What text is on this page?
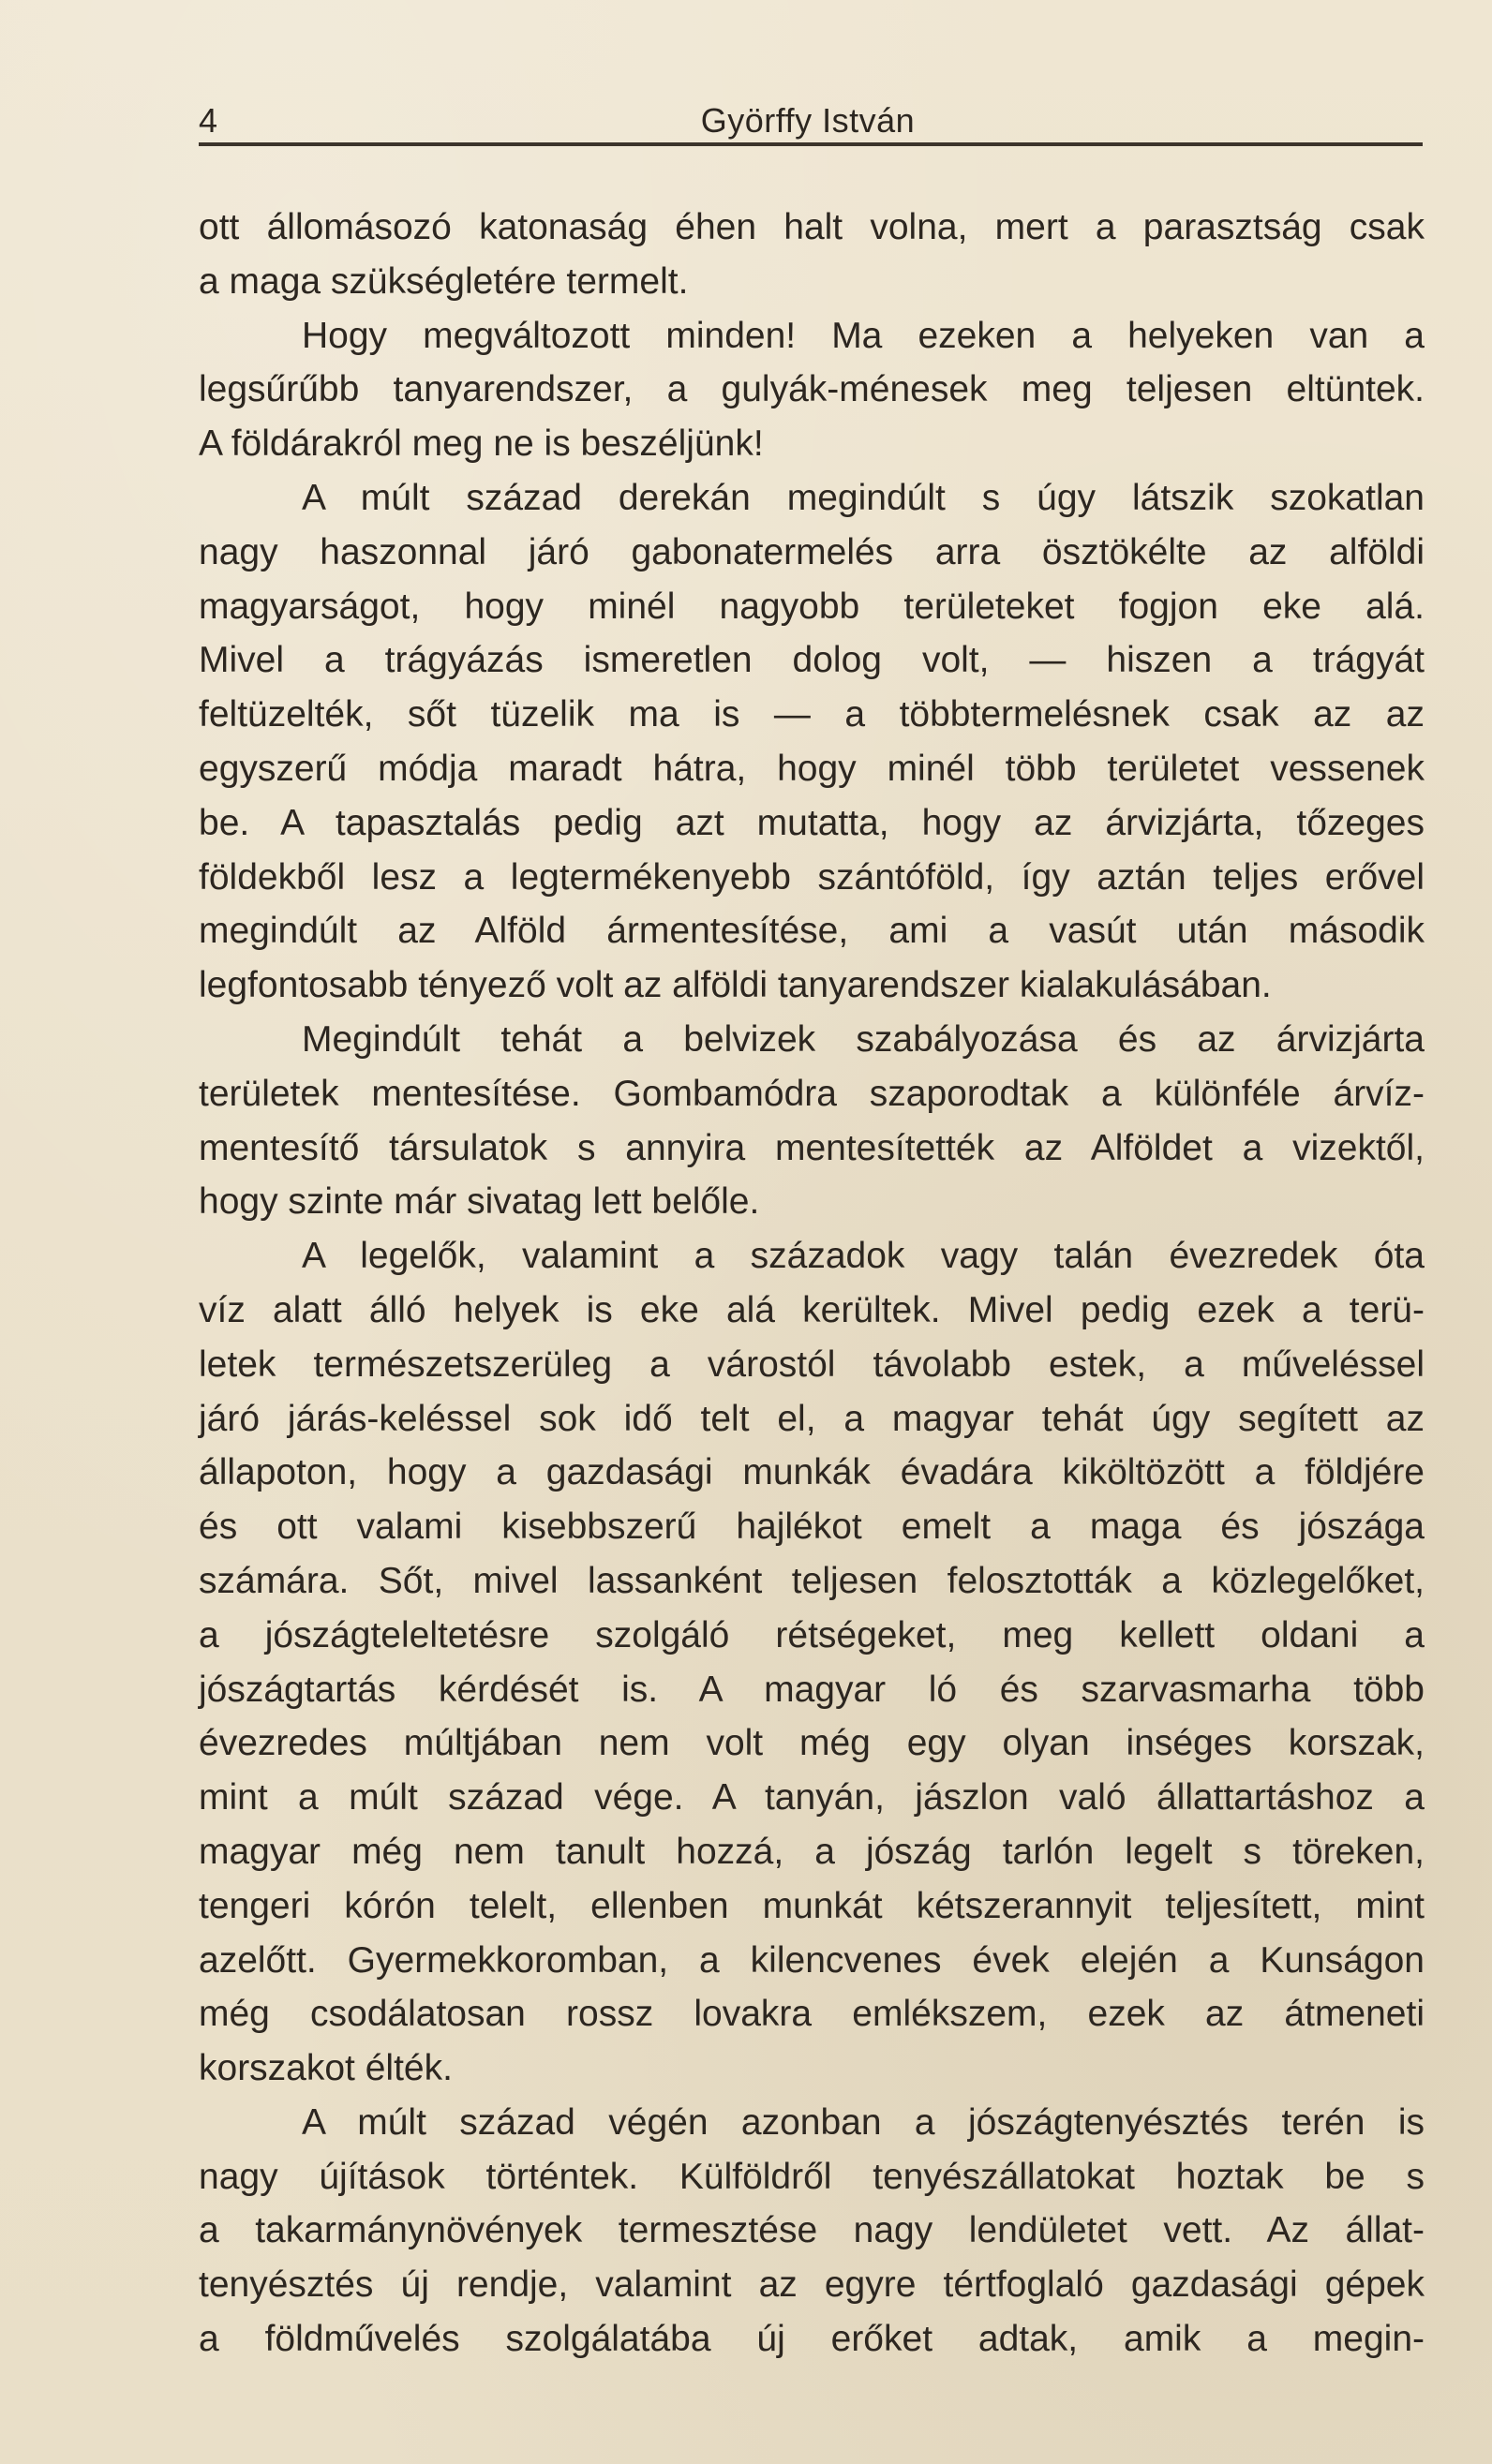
4	Györffy István
ott állomásozó katonaság éhen halt volna, mert a parasztság csak
a maga szükségletére termelt.
Hogy megváltozott minden! Ma ezeken a helyeken van a
legsűrűbb tanyarendszer, a gulyák-ménesek meg teljesen eltüntek.
A földárakról meg ne is beszéljünk!
A múlt század derekán megindúlt s úgy látszik szokatlan
nagy haszonnal járó gabonatermelés arra ösztökélte az alföldi
magyarságot, hogy minél nagyobb területeket fogjon eke alá.
Mivel a trágyázás ismeretlen dolog volt, — hiszen a trágyát
feltüzelték, sőt tüzelik ma is — a többtermelésnek csak az az
egyszerű módja maradt hátra, hogy minél több területet vessenek
be. A tapasztalás pedig azt mutatta, hogy az árvizjárta, tőzeges
földekből lesz a legtermékenyebb szántóföld, így aztán teljes erővel
megindúlt az Alföld ármentesítése, ami a vasút után második
legfontosabb tényező volt az alföldi tanyarendszer kialakulásában.
Megindúlt tehát a belvizek szabályozása és az árvizjárta
területek mentesítése. Gombamódra szaporodtak a különféle árvíz-
mentesítő társulatok s annyira mentesítették az Alföldet a vizektől,
hogy szinte már sivatag lett belőle.
A legelők, valamint a századok vagy talán évezredek óta
víz alatt álló helyek is eke alá kerültek. Mivel pedig ezek a terü-
letek természetszerüleg a várostól távolabb estek, a műveléssel
járó járás-keléssel sok idő telt el, a magyar tehát úgy segített az
állapoton, hogy a gazdasági munkák évadára kiköltözött a földjére
és ott valami kisebbszerű hajlékot emelt a maga és jószága
számára. Sőt, mivel lassanként teljesen felosztották a közlegelőket,
a jószágteleltetésre szolgáló rétségeket, meg kellett oldani a
jószágtartás kérdését is. A magyar ló és szarvasmarha több
évezredes múltjában nem volt még egy olyan inséges korszak,
mint a múlt század vége. A tanyán, jászlon való állattartáshoz a
magyar még nem tanult hozzá, a jószág tarlón legelt s töreken,
tengeri kórón telelt, ellenben munkát kétszerannyit teljesített, mint
azelőtt. Gyermekkoromban, a kilencvenes évek elején a Kunságon
még csodálatosan rossz lovakra emlékszem, ezek az átmeneti
korszakot élték.
A múlt század végén azonban a jószágtenyésztés terén is
nagy újítások történtek. Külföldről tenyészállatokat hoztak be s
a takarmánynövények termesztése nagy lendületet vett. Az állat-
tenyésztés új rendje, valamint az egyre tértfoglaló gazdasági gépek
a földművelés szolgálatába új erőket adtak, amik a megin-
